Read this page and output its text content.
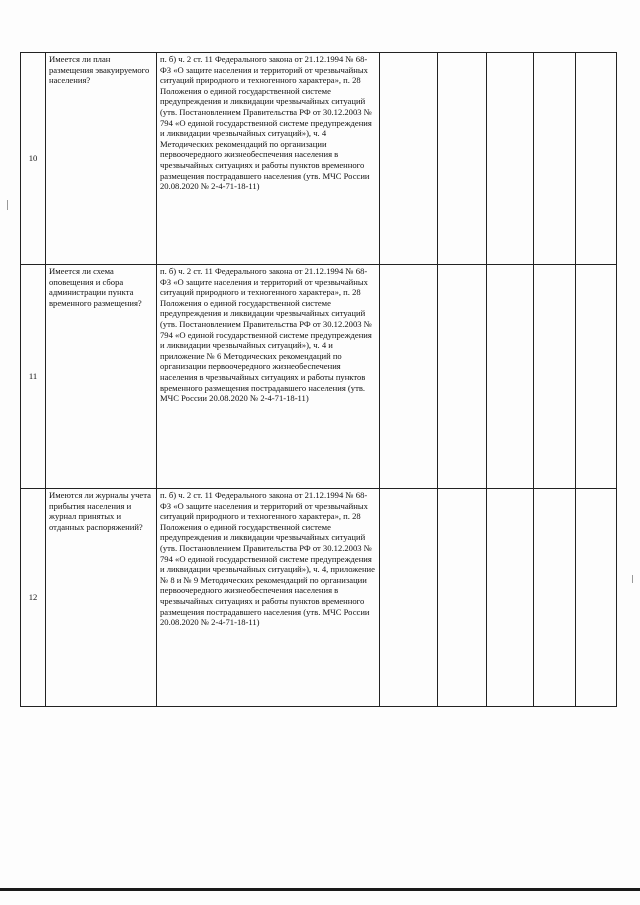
10	Имеется ли план размещения эвакуируемого населения?	п. б) ч. 2 ст. 11 Федерального закона от 21.12.1994 № 68-ФЗ «О защите населения и территорий от чрезвычайных ситуаций природного и техногенного характера», п. 28 Положения о единой государственной системе предупреждения и ликвидации чрезвычайных ситуаций (утв. Постановлением Правительства РФ от 30.12.2003 № 794 «О единой государственной системе предупреждения и ликвидации чрезвычайных ситуаций»), ч. 4 Методических рекомендаций по организации первоочередного жизнеобеспечения населения в чрезвычайных ситуациях и работы пунктов временного размещения пострадавшего населения (утв. МЧС России 20.08.2020 № 2-4-71-18-11)					
11	Имеется ли схема оповещения и сбора администрации пункта временного размещения?	п. б) ч. 2 ст. 11 Федерального закона от 21.12.1994 № 68-ФЗ «О защите населения и территорий от чрезвычайных ситуаций природного и техногенного характера», п. 28 Положения о единой государственной системе предупреждения и ликвидации чрезвычайных ситуаций (утв. Постановлением Правительства РФ от 30.12.2003 № 794 «О единой государственной системе предупреждения и ликвидации чрезвычайных ситуаций»), ч. 4 и приложение № 6 Методических рекомендаций по организации первоочередного жизнеобеспечения населения в чрезвычайных ситуациях и работы пунктов временного размещения пострадавшего населения (утв. МЧС России 20.08.2020 № 2-4-71-18-11)					
12	Имеются ли журналы учета прибытия населения и журнал принятых и отданных распоряжений?	п. б) ч. 2 ст. 11 Федерального закона от 21.12.1994 № 68-ФЗ «О защите населения и территорий от чрезвычайных ситуаций природного и техногенного характера», п. 28 Положения о единой государственной системе предупреждения и ликвидации чрезвычайных ситуаций (утв. Постановлением Правительства РФ от 30.12.2003 № 794 «О единой государственной системе предупреждения и ликвидации чрезвычайных ситуаций»), ч. 4, приложение № 8 и № 9 Методических рекомендаций по организации первоочередного жизнеобеспечения населения в чрезвычайных ситуациях и работы пунктов временного размещения пострадавшего населения (утв. МЧС России 20.08.2020 № 2-4-71-18-11)					
